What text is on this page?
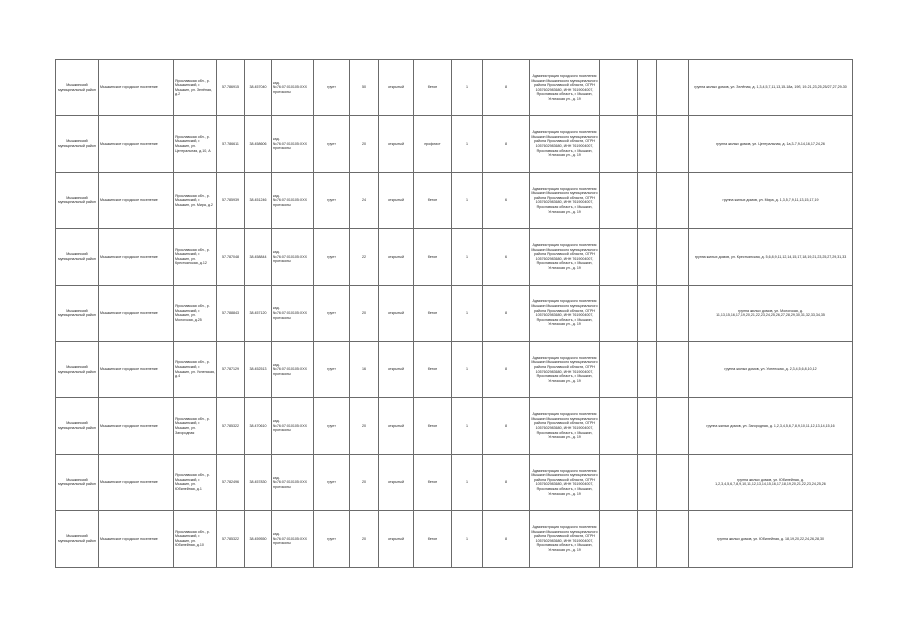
Мышкинский муниципальный район	Мышкинское городское поселение	Ярославская обл., р. Мышкинский, г. Мышкин, ул. Зелёная, д.2	57.786915	38.457040	кад.№76:07:010105:ХХХ протоколы	грунт	50	открытый	бетон	1	8	Администрация городского поселения Мышкин Мышкинского муниципального района Ярославской области, ОГРН 1057602983680, ИНН 7619004007, Ярославская область, г. Мышкин, Угличская ул., д. 19				группа жилых домов, ул. Зелёная, д. 1,3,4,5,7,11,13,15-18а, 19б, 19-21,23,25,25/27,27,29-30
Мышкинский муниципальный район	Мышкинское городское поселение	Ярославская обл., р. Мышкинский, г. Мышкин, ул. Центральная, д.10, А	57.786611	38.458606	кад.№76:07:010105:ХХХ протоколы	грунт	20	открытый	профлист	1	8	Администрация городского поселения Мышкин Мышкинского муниципального района Ярославской области, ОГРН 1057602983680, ИНН 7619004007, Ярославская область, г. Мышкин, Угличская ул., д. 19				группа жилых домов, ул. Центральная, д. 1а,3-7,9-14,16,17,24,26
Мышкинский муниципальный район	Мышкинское городское поселение	Ярославская обл., р. Мышкинский, г. Мышкин, ул. Мира, д.2	57.785939	38.451246	кад.№76:07:010105:ХХХ протоколы	грунт	24	открытый	бетон	1	6	Администрация городского поселения Мышкин Мышкинского муниципального района Ярославской области, ОГРН 1057602983680, ИНН 7619004007, Ярославская область, г. Мышкин, Угличская ул., д. 19				группа жилых домов, ул. Мира, д. 1,3,5,7,9,11,13,15,17,19
Мышкинский муниципальный район	Мышкинское городское поселение	Ярославская обл., р. Мышкинский, г. Мышкин, ул. Крестьянская, д.12	57.787048	38.458844	кад.№76:07:010105:ХХХ протоколы	грунт	22	открытый	бетон	1	6	Администрация городского поселения Мышкин Мышкинского муниципального района Ярославской области, ОГРН 1057602983680, ИНН 7619004007, Ярославская область, г. Мышкин, Угличская ул., д. 19				группа жилых домов, ул. Крестьянская, д. 5,6,8,9,11,12,14,15,17,18,19,21,23,25,27,29,31,33
Мышкинский муниципальный район	Мышкинское городское поселение	Ярославская обл., р. Мышкинский, г. Мышкин, ул. Мологская, д.25	57.788843	38.457120	кад.№76:07:010105:ХХХ протоколы	грунт	20	открытый	бетон	1	8	Администрация городского поселения Мышкин Мышкинского муниципального района Ярославской области, ОГРН 1057602983680, ИНН 7619004007, Ярославская область, г. Мышкин, Угличская ул., д. 19				группа жилых домов, ул. Мологская, д. 11,13,15,16,17,19,20,21,22,23,24,25,26,27,28,29,30,31,32,33,34,35
Мышкинский муниципальный район	Мышкинское городское поселение	Ярославская обл., р. Мышкинский, г. Мышкин, ул. Успенская, д.4	57.787129	38.452513	кад.№76:07:010105:ХХХ протоколы	грунт	16	открытый	бетон	1	8	Администрация городского поселения Мышкин Мышкинского муниципального района Ярославской области, ОГРН 1057602983680, ИНН 7619004007, Ярославская область, г. Мышкин, Угличская ул., д. 19				группа жилых домов, ул. Успенская, д. 2,3,4,5,6,8,10,12
Мышкинский муниципальный район	Мышкинское городское поселение	Ярославская обл., р. Мышкинский, г. Мышкин, ул. Загородная	57.785322	38.470610	кад.№76:07:010105:ХХХ протоколы	грунт	20	открытый	бетон	1	8	Администрация городского поселения Мышкин Мышкинского муниципального района Ярославской области, ОГРН 1057602983680, ИНН 7619004007, Ярославская область, г. Мышкин, Угличская ул., д. 19				группа жилых домов, ул. Загородная, д. 1,2,3,4,5,6,7,8,9,10,11,12,13,14,15,16
Мышкинский муниципальный район	Мышкинское городское поселение	Ярославская обл., р. Мышкинский, г. Мышкин, ул. Юбилейная, д.1	57.782496	38.457830	кад.№76:07:010105:ХХХ протоколы	грунт	20	открытый	бетон	1	8	Администрация городского поселения Мышкин Мышкинского муниципального района Ярославской области, ОГРН 1057602983680, ИНН 7619004007, Ярославская область, г. Мышкин, Угличская ул., д. 19				группа жилых домов, ул. Юбилейная, д. 1,2,3,4,5,6,7,8,9,10,11,12,13,14,15,16,17,18,19,20,21,22,23,24,25,26
Мышкинский муниципальный район	Мышкинское городское поселение	Ярославская обл., р. Мышкинский, г. Мышкин, ул. Юбилейная, д.10	57.785322	38.459550	кад.№76:07:010105:ХХХ протоколы	грунт	20	открытый	бетон	1	8	Администрация городского поселения Мышкин Мышкинского муниципального района Ярославской области, ОГРН 1057602983680, ИНН 7619004007, Ярославская область, г. Мышкин, Угличская ул., д. 19				группа жилых домов, ул. Юбилейная, д. 18,19,20,22,24,26,28,30
